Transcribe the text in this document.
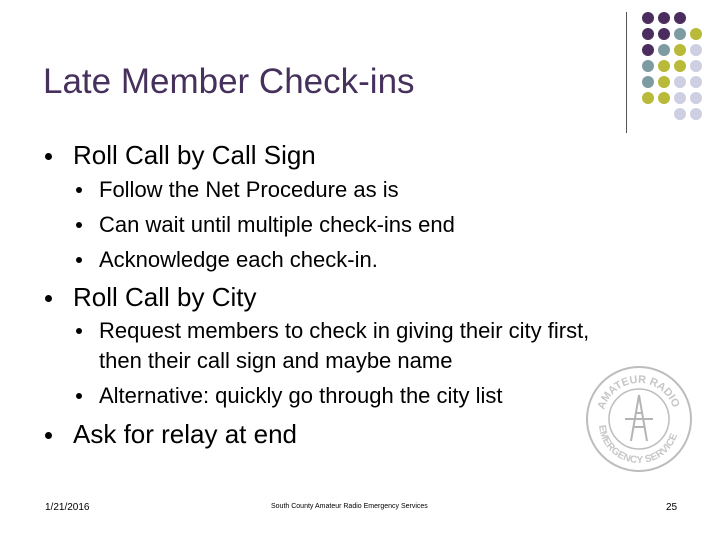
Late Member Check-ins
Roll Call by Call Sign
Follow the Net Procedure as is
Can wait until multiple check-ins end
Acknowledge each check-in.
Roll Call by City
Request members to check in giving their city first,
then their call sign and maybe name
Alternative: quickly go through the city list
Ask for relay at end
AMATEUR RADIO
EMERGENCY SERVICE
1/21/2016	South County Amateur Radio Emergency Services	25
